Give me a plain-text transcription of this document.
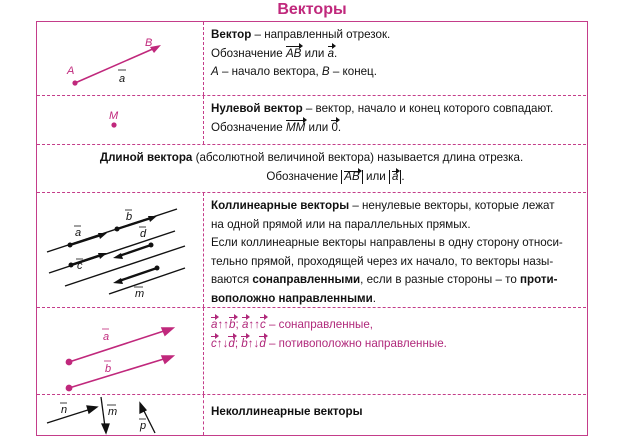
Векторы
A
B
a
Вектор – направленный отрезок.
Обозначение AB или a.
A – начало вектора, B – конец.
M
Нулевой вектор – вектор, начало и конец которого совпадают.
Обозначение MM или 0.
Длиной вектора (абсолютной величиной вектора) называется длина отрезка.
Обозначение AB или a .
a
b
c
d
m
Коллинеарные векторы – ненулевые векторы, которые лежат
на одной прямой или на параллельных прямых.
Если коллинеарные векторы направлены в одну сторону относи-
тельно прямой, проходящей через их начало, то векторы назы-
ваются сонаправленными, если в разные стороны – то проти-
воположно направленными.
a
b
a↑↑b; a↑↑c – сонаправленные,
c↑↓d; b↑↓d – потивоположно направленные.
n	m
p
Неколлинеарные векторы
